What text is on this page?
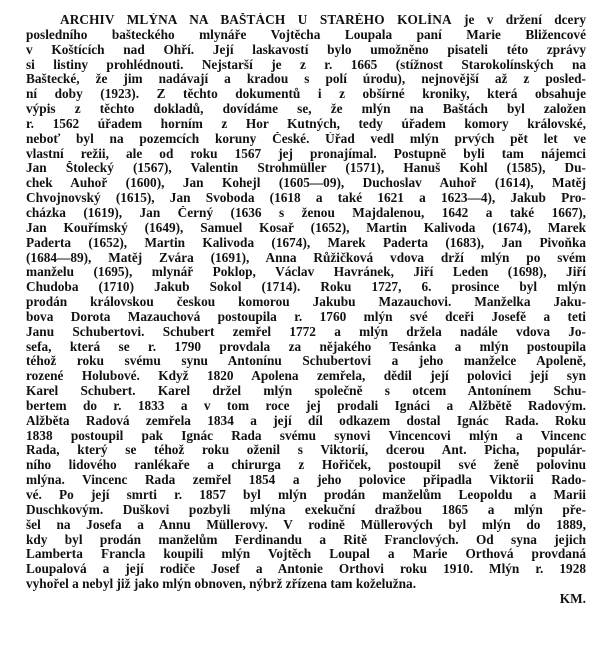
ARCHIV MLÝNA NA BAŠTÁCH U STARÉHO KOLÍNA je v držení dcery
posledního bašteckého mlynáře Vojtěcha Loupala paní Marie Bliženc​ové
v Koštících nad Ohří. Její laskavostí bylo umožněno pisateli této zprávy
si listiny prohlédnouti. Nejstarší je z r. 1665 (stížnost Starokolínských na
Baštecké, že jim nadávají a kradou s polí úrodu), nejnovější až z posled-
ní doby (1923). Z těchto dokumentů i z obšírné kroniky, která obsahuje
výpis z těchto dokladů, dovídáme se, že mlýn na Baštách byl založen
r. 1562 úřadem horním z Hor Kutných, tedy úřadem komory královské,
neboť byl na pozemcích koruny České. Úřad vedl mlýn prvých pět let ve
vlastní režii, ale od roku 1567 jej pronajímal. Postupně byli tam nájemci
Jan Štolecký (1567), Valentin Strohmüller (1571), Hanuš Kohl (1585), Du-
chek Auhoř (1600), Jan Kohejl (1605—09), Duchoslav Auhoř (1614), Matěj
Chvojnovský (1615), Jan Svoboda (1618 a také 1621 a 1623—4), Jakub Pro-
cházka (1619), Jan Černý (1636 s ženou Majdalenou, 1642 a také 1667),
Jan Kouřímský (1649), Samuel Kosař (1652), Martin Kalivoda (1674), Marek
Paderta (1652), Martin Kalivoda (1674), Marek Paderta (1683), Jan Pivoňka
(1684—89), Matěj Zvára (1691), Anna Růžičková vdova drží mlýn po svém
manželu (1695), mlynář Poklop, Václav Havránek, Jiří Leden (1698), Jiří
Chudoba (1710) Jakub Sokol (1714). Roku 1727, 6. prosince byl mlýn
prodán královskou českou komorou Jakubu Mazauchovi. Manželka Jaku-
bova Dorota Mazauchová postoupila r. 1760 mlýn své dceři Josefě a teti
Janu Schubertovi. Schubert zemřel 1772 a mlýn držela nadále vdova Jo-
sefa, která se r. 1790 provdala za nějakého Tesánka a mlýn postoupila
téhož roku svému synu Antonínu Schubertovi a jeho manželce Apoleně,
rozené Holubové. Když 1820 Apolena zemřela, dědil její polovici její syn
Karel Schubert. Karel držel mlýn společně s otcem Antonínem Schu-
bertem do r. 1833 a v tom roce jej prodali Ignáci a Alžbětě Radovým.
Alžběta Radová zemřela 1834 a její díl odkazem dostal Ignác Rada. Roku
1838 postoupil pak Ignác Rada svému synovi Vincencovi mlýn a Vincenc
Rada, který se téhož roku oženil s Viktorií, dcerou Ant. Picha, populár-
ního lidového ranlékaře a chirurga z Hořiček, postoupil své ženě polovinu
mlýna. Vincenc Rada zemřel 1854 a jeho polovice připadla Viktorii Rado-
vé. Po její smrti r. 1857 byl mlýn prodán manželům Leopoldu a Marii
Duschkovým. Duškovi pozbyli mlýna exekuční dražbou 1865 a mlýn pře-
šel na Josefa a Annu Müllerovy. V rodině Müllerových byl mlýn do 1889,
kdy byl prodán manželům Ferdinandu a Ritě Franclových. Od syna jejich
Lamberta Francla koupili mlýn Vojtěch Loupal a Marie Orthová provdaná
Loupalová a její rodiče Josef a Antonie Orthovi roku 1910. Mlýn r. 1928
vyhořel a nebyl již jako mlýn obnoven, nýbrž zřízena tam koželužna.
KM.
